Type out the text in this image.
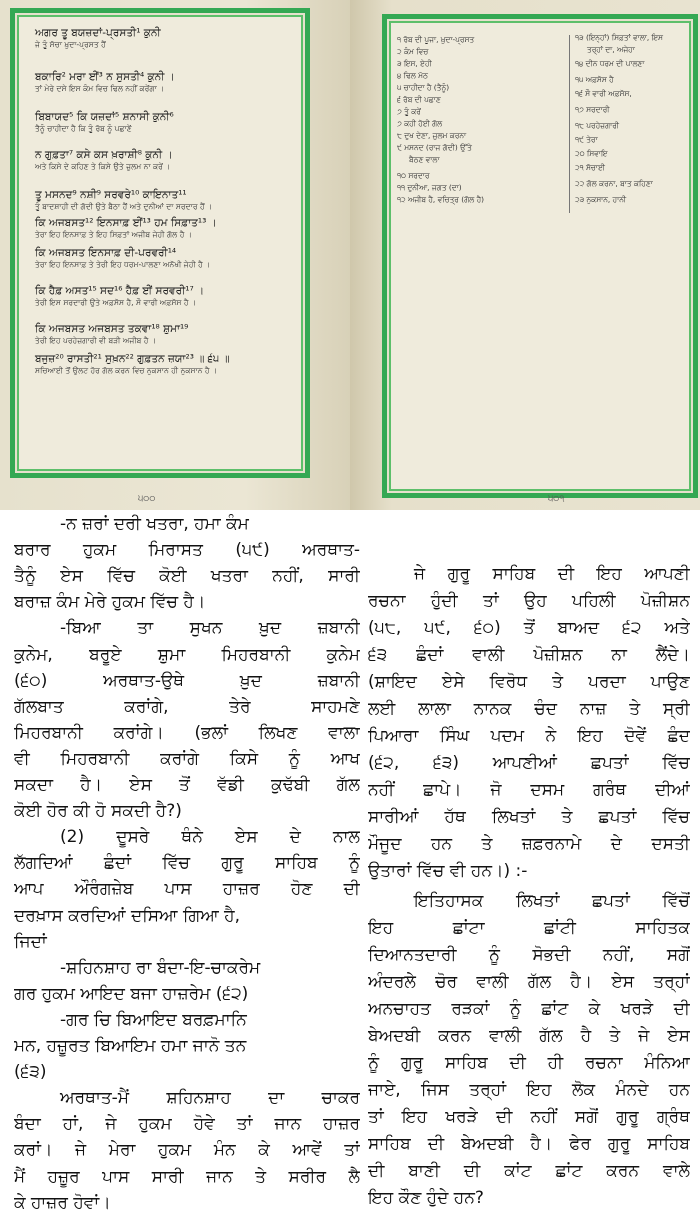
ਅਗਰ ਤੂ ਬਯਜ਼ਦਾਂ-ਪ੍ਰਸਤੀ¹ ਕੁਨੀ
ਜੇ ਤੂੰ ਸੱਚਾ ਖ਼ੁਦਾ-ਪ੍ਰਸਤ ਹੈਂ
ਬਕਾਰਿ² ਮਰਾ ਈਂ³ ਨ ਸੁਸਤੀ⁴ ਕੁਨੀ ।
ਤਾਂ ਮੇਰੇ ਦਸੇ ਇਸ ਕੰਮ ਵਿਚ ਢਿਲ ਨਹੀਂ ਕਰੇਂਗਾ ।
ਬਿਬਾਯਦ⁵ ਕਿ ਯਜ਼ਦਾਂ⁵ ਸ਼ਨਾਸੀ ਕੁਨੀ⁶
ਤੈਨੂੰ ਚਾਹੀਦਾ ਹੈ ਕਿ ਤੂੰ ਰੱਬ ਨੂੰ ਪਛਾਣੇਂ
ਨ ਗੁਫ਼ਤਾ⁷ ਕਸੇ ਕਸ ਖ਼ਰਾਸ਼ੀ⁸ ਕੁਨੀ ।
ਅਤੇ ਕਿਸੇ ਦੇ ਕਹਿਣ ਤੇ ਕਿਸੇ ਉਤੇ ਜ਼ੁਲਮ ਨਾ ਕਰੇਂ ।
ਤੂ ਮਸਨਦ⁹ ਨਸ਼ੀ⁹ ਸਰਵਰੇ¹⁰ ਕਾਇਨਾਤ¹¹
ਤੂੰ ਬਾਦਸ਼ਾਹੀ ਦੀ ਗੱਦੀ ਉਤੇ ਬੈਠਾ ਹੈਂ ਅਤੇ ਦੁਨੀਆਂ ਦਾ ਸਰਦਾਰ ਹੈਂ ।
ਕਿ ਅਜਬਸਤ¹² ਇਨਸਾਫ਼ ਈਂ¹³ ਹਮ ਸਿਫ਼ਾਤ¹³ ।
ਤੇਰਾ ਇਹ ਇਨਸਾਫ਼ ਤੇ ਇਹ ਸਿਫ਼ਤਾਂ ਅਜੀਬ ਜੇਹੀ ਗੱਲ ਹੈ ।
ਕਿ ਅਜਬਸਤ ਇਨਸਾਫ਼ ਦੀ-ਪਰਵਰੀ¹⁴
ਤੇਰਾ ਇਹ ਇਨਸਾਫ਼ ਤੇ ਤੇਰੀ ਇਹ ਧਰਮ-ਪਾਲਣਾ ਅਨੋਖੀ ਜੇਹੀ ਹੈ ।
ਕਿ ਹੈਫ਼ ਅਸਤ¹⁵ ਸਦ¹⁶ ਹੈਫ਼ ਈਂ ਸਰਵਰੀ¹⁷ ।
ਤੇਰੀ ਇਸ ਸਰਦਾਰੀ ਉਤੇ ਅਫ਼ਸੋਸ ਹੈ, ਸੌ ਵਾਰੀ ਅਫ਼ਸੋਸ ਹੈ ।
ਕਿ ਅਜਬਸਤ ਅਜਬਸਤ ਤਕਵਾ¹⁸ ਸ਼ੁਮਾ¹⁹
ਤੇਰੀ ਇਹ ਪਰਹੇਜ਼ਗਾਰੀ ਵੀ ਬੜੀ ਅਜੀਬ ਹੈ ।
ਬਜੁਜ਼²⁰ ਰਾਸਤੀ²¹ ਸੁਖ਼ਨ²² ਗੁਫ਼ਤਨ ਜ਼ਯਾ²³ ॥ ੬੫ ॥
ਸਚਿਆਈ ਤੋਂ ਉਲਟ ਹੋਰ ਗੱਲ ਕਰਨ ਵਿਚ ਨੁਕਸਾਨ ਹੀ ਨੁਕਸਾਨ ਹੈ ।
੫੦੦
੧ ਰੱਬ ਦੀ ਪੂਜਾ, ਖ਼ੁਦਾ-ਪ੍ਰਸਤ
੨ ਕੰਮ ਵਿਚ
੩ ਇਸ, ਏਹੀ
੪ ਢਿਲ ਮੱਠ
੫ ਚਾਹੀਦਾ ਹੈ (ਤੈਨੂੰ)
੬ ਰੱਬ ਦੀ ਪਛਾਣ
੭ ਤੂੰ ਕਰੇਂ
੭ ਕਹੀ ਹੋਈ ਗੱਲ
੮ ਦੁਖ ਦੇਣਾ, ਜ਼ੁਲਮ ਕਰਨਾ
੯ ਮਸਨਦ (ਰਾਜ ਗੱਦੀ) ਉੱਤੇ
ਬੈਠਣ ਵਾਲਾ
੧੦ ਸਰਦਾਰ
੧੧ ਦੁਨੀਆ, ਜਗਤ (ਦਾ)
੧੨ ਅਜੀਬ ਹੈ, ਵਚਿਤ੍ਰ (ਗੱਲ ਹੈ)
੧੩ (ਇਨ੍ਹਾਂ) ਸਿਫ਼ਤਾਂ ਵਾਲਾ, ਇਸ
ਤਰ੍ਹਾਂ ਦਾ, ਅਜੇਹਾ
੧੪ ਦੀਨ ਧਰਮ ਦੀ ਪਾਲਣਾ
੧੫ ਅਫ਼ਸੋਸ ਹੈ
੧੬ ਸੌ ਵਾਰੀ ਅਫ਼ਸੋਸ,
੧੭ ਸਰਦਾਰੀ
੧੮ ਪਰਹੇਜ਼ਗਾਰੀ
੧੯ ਤੇਰਾ
੨੦ ਸਿਵਾਇ
੨੧ ਸੱਚਾਈ
੨੨ ਗੱਲ ਕਰਨਾ, ਬਾਤ ਕਹਿਣਾ
੨੩ ਨੁਕਸਾਨ, ਹਾਨੀ
੫੦੧
-ਨ ਜ਼ਰਾਂ ਦਰੀ ਖਤਰਾ, ਹਮਾ ਕੰਮ
ਬਰਾਰ ਹੁਕਮ ਮਿਰਾਸਤ (੫੯) ਅਰਥਾਤ-
ਤੈਨੂੰ ਏਸ ਵਿੱਚ ਕੋਈ ਖਤਰਾ ਨਹੀਂ, ਸਾਰੀ
ਬਰਾਜ਼ ਕੰਮ ਮੇਰੇ ਹੁਕਮ ਵਿੱਚ ਹੈ।
-ਬਿਆ ਤਾ ਸੁਖਨ ਖ਼ੁਦ ਜ਼ਬਾਨੀ
ਕੁਨੇਮ, ਬਰੂਏ ਸ਼ੁਮਾ ਮਿਹਰਬਾਨੀ ਕੁਨੇਮ
(੬੦) ਅਰਥਾਤ-ਉਥੇ ਖ਼ੁਦ ਜ਼ਬਾਨੀ
ਗੱਲਬਾਤ ਕਰਾਂਗੇ, ਤੇਰੇ ਸਾਹਮਣੇ
ਮਿਹਰਬਾਨੀ ਕਰਾਂਗੇ। (ਭਲਾਂ ਲਿਖਣ ਵਾਲਾ
ਵੀ ਮਿਹਰਬਾਨੀ ਕਰਾਂਗੇ ਕਿਸੇ ਨੂੰ ਆਖ
ਸਕਦਾ ਹੈ। ਏਸ ਤੋਂ ਵੱਡੀ ਕੁਢੱਬੀ ਗੱਲ
ਕੋਈ ਹੋਰ ਕੀ ਹੋ ਸਕਦੀ ਹੈ?)
(2) ਦੂਸਰੇ ਥੰਨੇ ਏਸ ਦੇ ਨਾਲ
ਲੱਗਦਿਆਂ ਛੰਦਾਂ ਵਿੱਚ ਗੁਰੂ ਸਾਹਿਬ ਨੂੰ
ਆਪ ਔਰੰਗਜ਼ੇਬ ਪਾਸ ਹਾਜ਼ਰ ਹੋਣ ਦੀ
ਦਰਖ਼ਾਸ ਕਰਦਿਆਂ ਦਸਿਆ ਗਿਆ ਹੈ,
ਜਿਦਾਂ
-ਸ਼ਹਿਨਸ਼ਾਹ ਰਾ ਬੰਦਾ-ਇ-ਚਾਕਰੇਮ
ਗਰ ਹੁਕਮ ਆਇਦ ਬਜਾ ਹਾਜ਼ਰੇਮ (੬੨)
-ਗਰ ਚਿ ਬਿਆਇਦ ਬਰਫ਼ਮਾਨਿ
ਮਨ, ਹਜ਼ੂਰਤ ਬਿਆਇਮ ਹਮਾ ਜਾਨੋ ਤਨ
(੬੩)
ਅਰਥਾਤ-ਮੈਂ ਸ਼ਹਿਨਸ਼ਾਹ ਦਾ ਚਾਕਰ
ਬੰਦਾ ਹਾਂ, ਜੇ ਹੁਕਮ ਹੋਵੇ ਤਾਂ ਜਾਨ ਹਾਜ਼ਰ
ਕਰਾਂ। ਜੇ ਮੇਰਾ ਹੁਕਮ ਮੰਨ ਕੇ ਆਵੇਂ ਤਾਂ
ਮੈਂ ਹਜ਼ੂਰ ਪਾਸ ਸਾਰੀ ਜਾਨ ਤੇ ਸਰੀਰ ਲੈ
ਕੇ ਹਾਜ਼ਰ ਹੋਵਾਂ।
ਜੇ ਗੁਰੂ ਸਾਹਿਬ ਦੀ ਇਹ ਆਪਣੀ
ਰਚਨਾ ਹੁੰਦੀ ਤਾਂ ਉਹ ਪਹਿਲੀ ਪੋਜ਼ੀਸ਼ਨ
(੫੮, ੫੯, ੬੦) ਤੋਂ ਬਾਅਦ ੬੨ ਅਤੇ
੬੩ ਛੰਦਾਂ ਵਾਲੀ ਪੋਜ਼ੀਸ਼ਨ ਨਾ ਲੈਂਦੇ।
(ਸ਼ਾਇਦ ਏਸੇ ਵਿਰੋਧ ਤੇ ਪਰਦਾ ਪਾਉਣ
ਲਈ ਲਾਲਾ ਨਾਨਕ ਚੰਦ ਨਾਜ਼ ਤੇ ਸ੍ਰੀ
ਪਿਆਰਾ ਸਿੰਘ ਪਦਮ ਨੇ ਇਹ ਦੋਵੇਂ ਛੰਦ
(੬੨, ੬੩) ਆਪਣੀਆਂ ਛਪਤਾਂ ਵਿੱਚ
ਨਹੀਂ ਛਾਪੇ। ਜੋ ਦਸਮ ਗਰੰਥ ਦੀਆਂ
ਸਾਰੀਆਂ ਹੱਥ ਲਿਖਤਾਂ ਤੇ ਛਪਤਾਂ ਵਿੱਚ
ਮੌਜੂਦ ਹਨ ਤੇ ਜ਼ਫ਼ਰਨਾਮੇ ਦੇ ਦਸਤੀ
ਉਤਾਰਾਂ ਵਿੱਚ ਵੀ ਹਨ।) :-
ਇਤਿਹਾਸਕ ਲਿਖਤਾਂ ਛਪਤਾਂ ਵਿੱਚੋਂ
ਇਹ ਛਾਂਟਾ ਛਾਂਟੀ ਸਾਹਿਤਕ
ਦਿਆਨਤਦਾਰੀ ਨੂੰ ਸੋਭਦੀ ਨਹੀਂ, ਸਗੋਂ
ਅੰਦਰਲੇ ਚੋਰ ਵਾਲੀ ਗੱਲ ਹੈ। ਏਸ ਤਰ੍ਹਾਂ
ਅਨਚਾਹਤ ਰੜਕਾਂ ਨੂੰ ਛਾਂਟ ਕੇ ਖਰੜੇ ਦੀ
ਬੇਅਦਬੀ ਕਰਨ ਵਾਲੀ ਗੱਲ ਹੈ ਤੇ ਜੇ ਏਸ
ਨੂੰ ਗੁਰੂ ਸਾਹਿਬ ਦੀ ਹੀ ਰਚਨਾ ਮੰਨਿਆ
ਜਾਏ, ਜਿਸ ਤਰ੍ਹਾਂ ਇਹ ਲੋਕ ਮੰਨਦੇ ਹਨ
ਤਾਂ ਇਹ ਖਰੜੇ ਦੀ ਨਹੀਂ ਸਗੋਂ ਗੁਰੂ ਗ੍ਰੰਥ
ਸਾਹਿਬ ਦੀ ਬੇਅਦਬੀ ਹੈ। ਫੇਰ ਗੁਰੂ ਸਾਹਿਬ
ਦੀ ਬਾਣੀ ਦੀ ਕਾਂਟ ਛਾਂਟ ਕਰਨ ਵਾਲੇ
ਇਹ ਕੌਣ ਹੁੰਦੇ ਹਨ?
